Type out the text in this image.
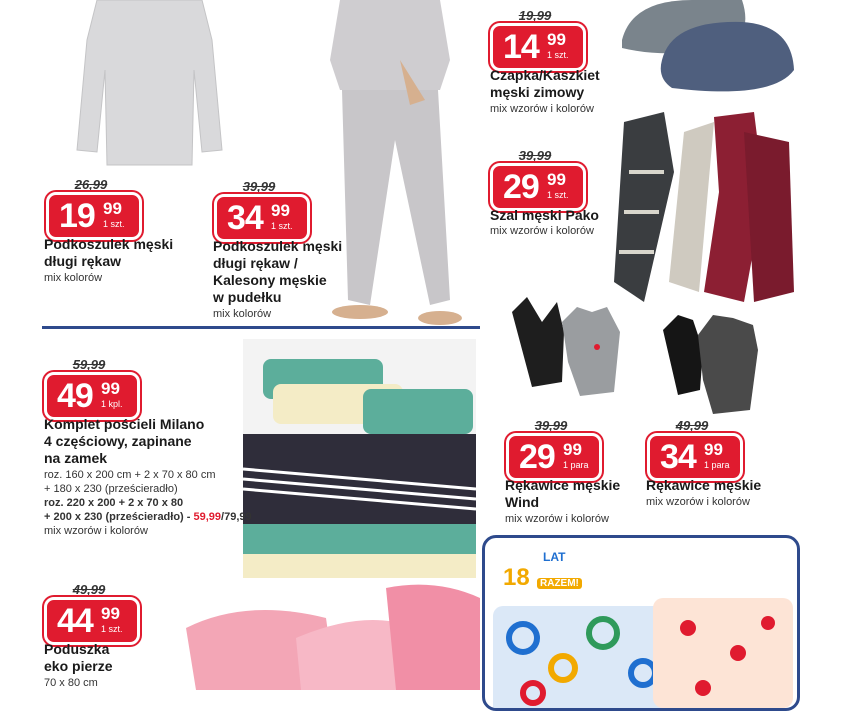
26,99
19 99
1 szt.
Podkoszulek męski
długi rękaw
mix kolorów
39,99
34 99
1 szt.
Podkoszulek męski
długi rękaw /
Kalesony męskie
w pudełku
mix kolorów
19,99
14 99
1 szt.
Czapka/Kaszkiet
męski zimowy
mix wzorów i kolorów
39,99
29 99
1 szt.
Szal męski Pako
mix wzorów i kolorów
59,99
49 99
1 kpl.
Komplet pościeli Milano
4 częściowy, zapinane
na zamek
roz. 160 x 200 cm + 2 x 70 x 80 cm
+ 180 x 230 (prześcieradło)
roz. 220 x 200 + 2 x 70 x 80
+ 200 x 230 (prześcieradło) - 59,99/79,99
mix wzorów i kolorów
39,99
29 99
1 para
Rękawice męskie
Wind
mix wzorów i kolorów
49,99
34 99
1 para
Rękawice męskie
mix wzorów i kolorów
49,99
44 99
1 szt.
Poduszka
eko pierze
70 x 80 cm
18
LAT
RAZEM!
